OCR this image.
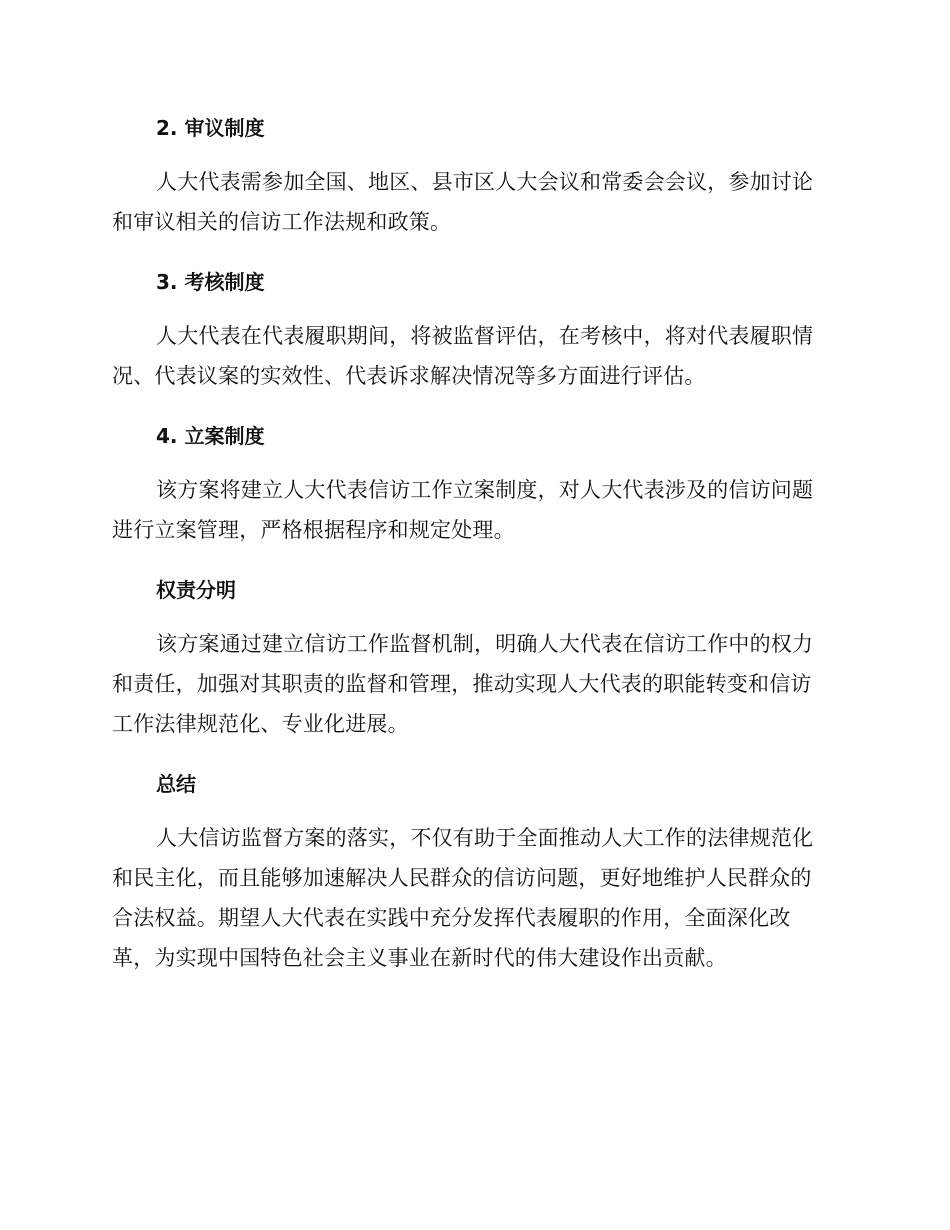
2. 审议制度
人大代表需参加全国、地区、县市区人大会议和常委会会议，参加讨论
和审议相关的信访工作法规和政策。
3. 考核制度
人大代表在代表履职期间，将被监督评估，在考核中，将对代表履职情
况、代表议案的实效性、代表诉求解决情况等多方面进行评估。
4. 立案制度
该方案将建立人大代表信访工作立案制度，对人大代表涉及的信访问题
进行立案管理，严格根据程序和规定处理。
权责分明
该方案通过建立信访工作监督机制，明确人大代表在信访工作中的权力
和责任，加强对其职责的监督和管理，推动实现人大代表的职能转变和信访
工作法律规范化、专业化进展。
总结
人大信访监督方案的落实，不仅有助于全面推动人大工作的法律规范化
和民主化，而且能够加速解决人民群众的信访问题，更好地维护人民群众的
合法权益。期望人大代表在实践中充分发挥代表履职的作用，全面深化改
革，为实现中国特色社会主义事业在新时代的伟大建设作出贡献。
